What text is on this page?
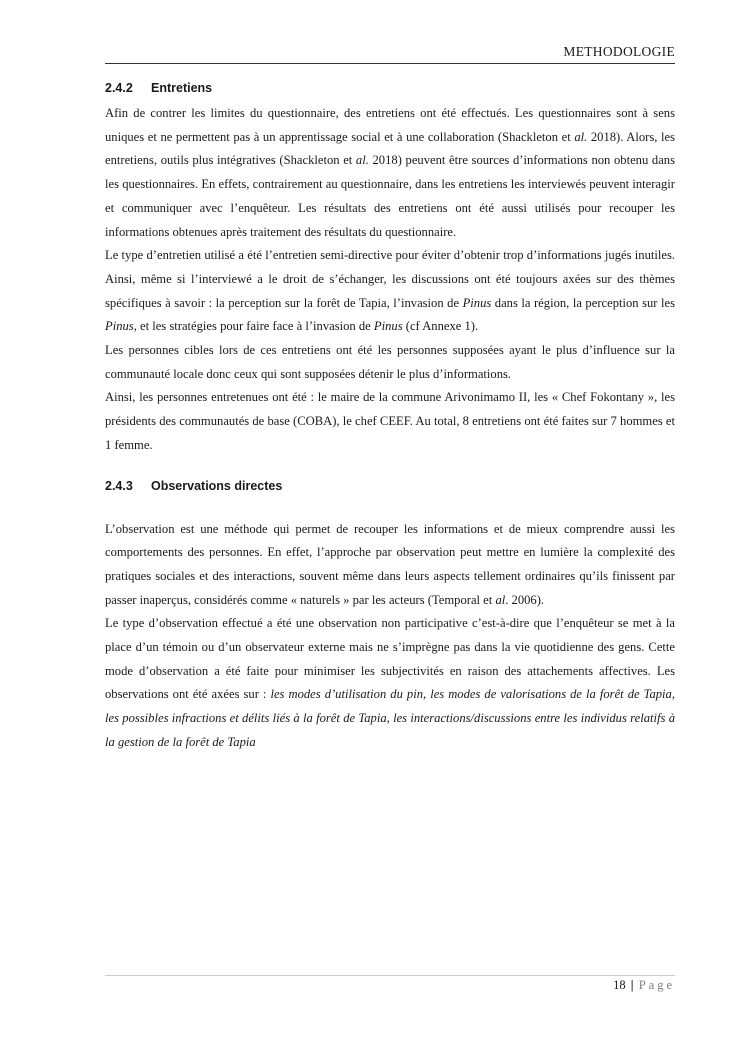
METHODOLOGIE
2.4.2 Entretiens

Afin de contrer les limites du questionnaire, des entretiens ont été effectués. Les questionnaires sont à sens uniques et ne permettent pas à un apprentissage social et à une collaboration (Shackleton et al. 2018). Alors, les entretiens, outils plus intégratives (Shackleton et al. 2018) peuvent être sources d’informations non obtenu dans les questionnaires. En effets, contrairement au questionnaire, dans les entretiens les interviewés peuvent interagir et communiquer avec l’enquêteur. Les résultats des entretiens ont été aussi utilisés pour recouper les informations obtenues après traitement des résultats du questionnaire.

Le type d’entretien utilisé a été l’entretien semi-directive pour éviter d’obtenir trop d’informations jugés inutiles. Ainsi, même si l’interviewé a le droit de s’échanger, les discussions ont été toujours axées sur des thèmes spécifiques à savoir : la perception sur la forêt de Tapia, l’invasion de Pinus dans la région, la perception sur les Pinus, et les stratégies pour faire face à l’invasion de Pinus (cf Annexe 1).

Les personnes cibles lors de ces entretiens ont été les personnes supposées ayant le plus d’influence sur la communauté locale donc ceux qui sont supposées détenir le plus d’informations.

Ainsi, les personnes entretenues ont été : le maire de la commune Arivonimamo II, les « Chef Fokontany », les présidents des communautés de base (COBA), le chef CEEF. Au total, 8 entretiens ont été faites sur 7 hommes et 1 femme.

2.4.3 Observations directes

L’observation est une méthode qui permet de recouper les informations et de mieux comprendre aussi les comportements des personnes. En effet, l’approche par observation peut mettre en lumière la complexité des pratiques sociales et des interactions, souvent même dans leurs aspects tellement ordinaires qu’ils finissent par passer inaperçus, considérés comme « naturels » par les acteurs (Temporal et al. 2006).

Le type d’observation effectué a été une observation non participative c’est-à-dire que l’enquêteur se met à la place d’un témoin ou d’un observateur externe mais ne s’imprègne pas dans la vie quotidienne des gens. Cette mode d’observation a été faite pour minimiser les subjectivités en raison des attachements affectives. Les observations ont été axées sur : les modes d’utilisation du pin, les modes de valorisations de la forêt de Tapia, les possibles infractions et délits liés à la forêt de Tapia, les interactions/discussions entre les individus relatifs à la gestion de la forêt de Tapia

18 | Page
